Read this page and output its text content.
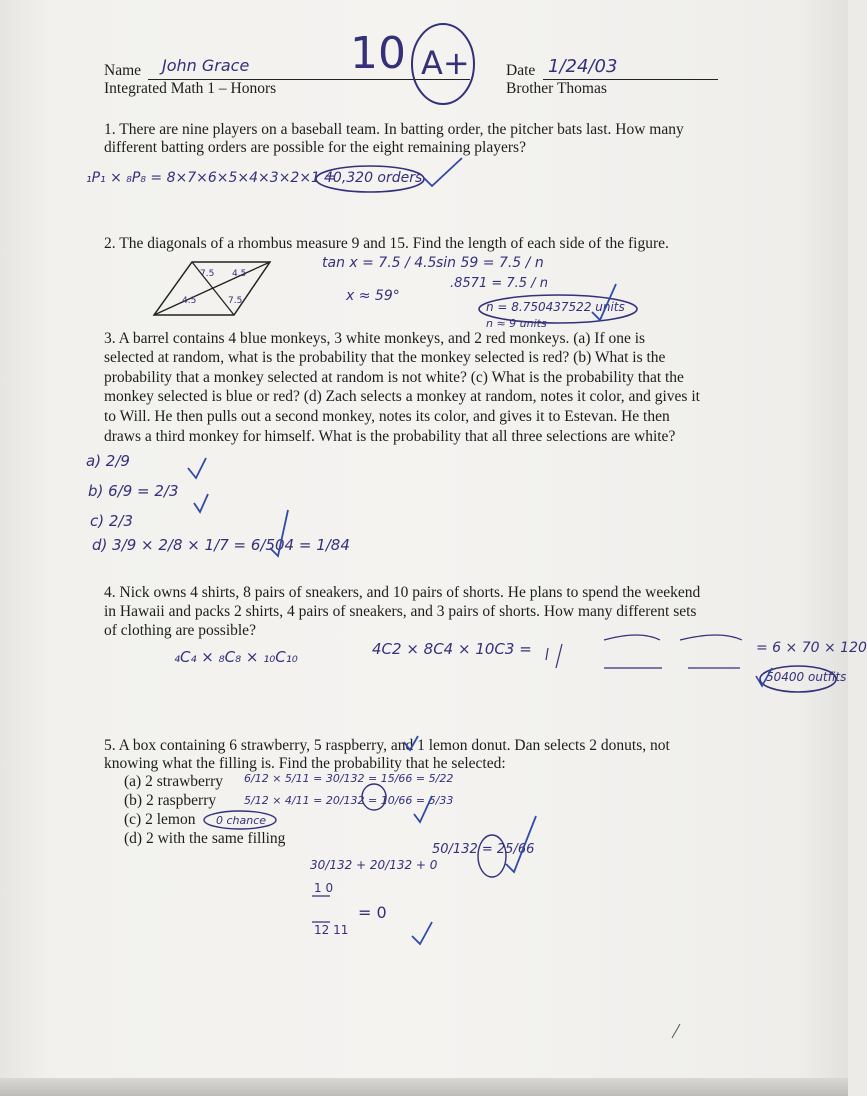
Name John Grace
Integrated Math 1 – Honors
Date 1/24/03
Brother Thomas
10 A+
1. There are nine players on a baseball team. In batting order, the pitcher bats last. How many
different batting orders are possible for the eight remaining players?
₁P₁ × ₈P₈ = 8×7×6×5×4×3×2×1 =
40,320 orders
2. The diagonals of a rhombus measure 9 and 15. Find the length of each side of the figure.
7.5 4.5
4.5	7.5
tan x = 7.5 / 4.5
x ≈ 59°
sin 59 = 7.5 / n
.8571 = 7.5 / n
n = 8.750437522 units
n ≈ 9 units
3. A barrel contains 4 blue monkeys, 3 white monkeys, and 2 red monkeys. (a) If one is
selected at random, what is the probability that the monkey selected is red? (b) What is the
probability that a monkey selected at random is not white? (c) What is the probability that the
monkey selected is blue or red? (d) Zach selects a monkey at random, notes it color, and gives it
to Will. He then pulls out a second monkey, notes its color, and gives it to Estevan. He then
draws a third monkey for himself. What is the probability that all three selections are white?
a) 2/9
b) 6/9 = 2/3
c) 2/3
d) 3/9 × 2/8 × 1/7 = 6/504 = 1/84
4. Nick owns 4 shirts, 8 pairs of sneakers, and 10 pairs of shorts. He plans to spend the weekend
in Hawaii and packs 2 shirts, 4 pairs of sneakers, and 3 pairs of shorts. How many different sets
of clothing are possible?
4C2 × 8C4 × 10C3 =	= 6 × 70 × 120
50400 outfits
₄C₄ × ₈C₈ × ₁₀C₁₀
5. A box containing 6 strawberry, 5 raspberry, and 1 lemon donut. Dan selects 2 donuts, not
knowing what the filling is. Find the probability that he selected:
(a) 2 strawberry
(b) 2 raspberry
(c) 2 lemon
(d) 2 with the same filling
6/12 × 5/11 = 30/132 = 15/66 = 5/22
5/12 × 4/11 = 20/132 = 10/66 = 5/33
0 chance
30/132 + 20/132 + 0
50/132 = 25/66
1 0
12 11
= 0
